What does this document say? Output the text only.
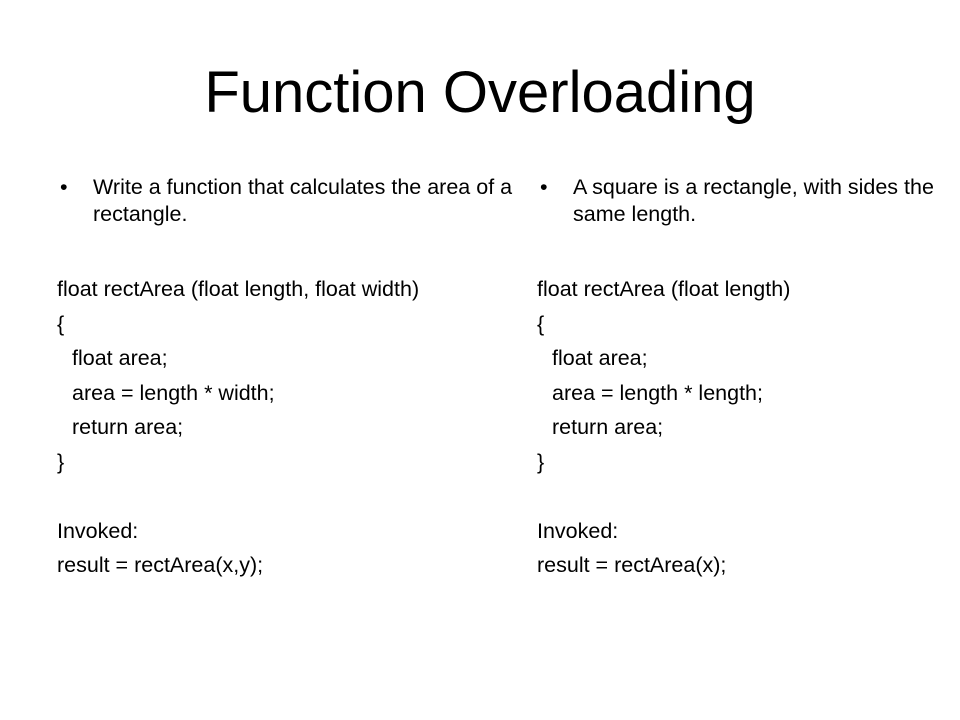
Function Overloading
• Write a function that calculates the area of a rectangle.
float rectArea (float length, float width)
{
float area;
area = length * width;
return area;
}
Invoked:
result = rectArea(x,y);
• A square is a rectangle, with sides the same length.
float rectArea (float length)
{
float area;
area = length * length;
return area;
}
Invoked:
result = rectArea(x);
